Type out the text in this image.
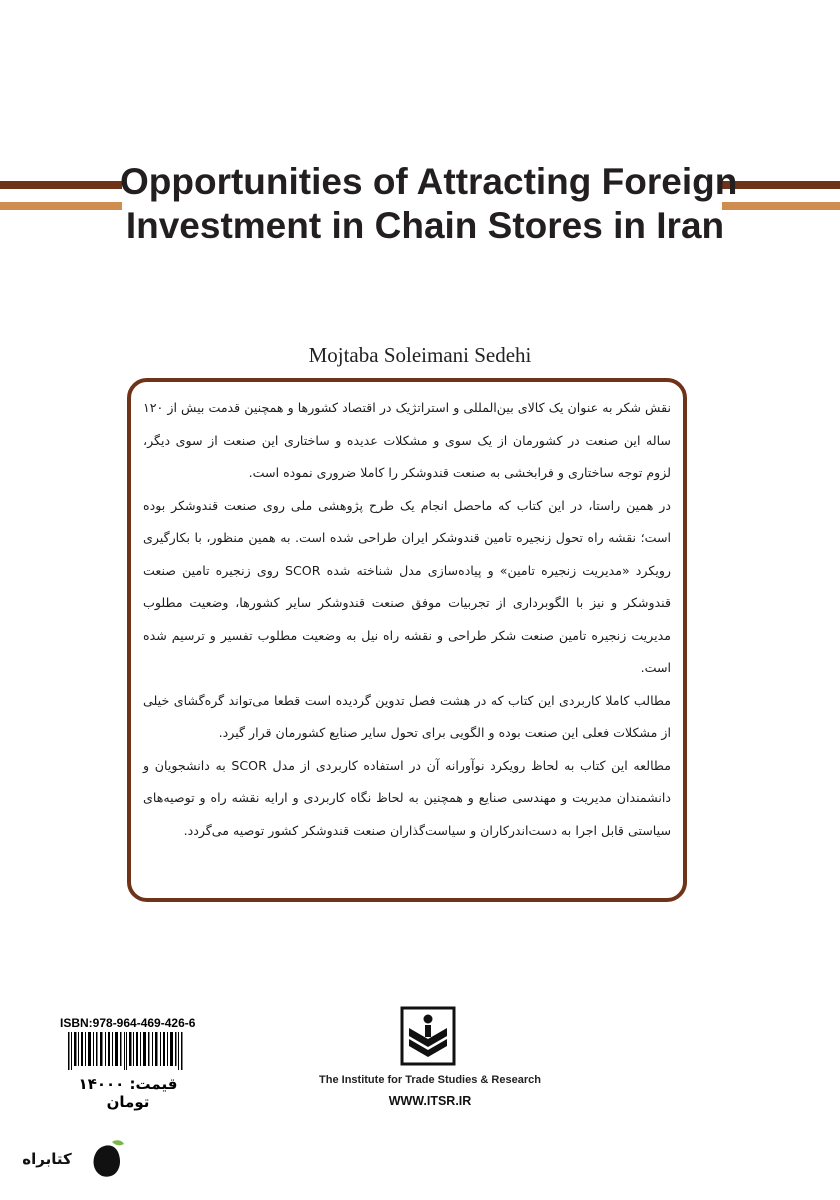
Opportunities of Attracting Foreign
Investment in Chain Stores in Iran

Mojtaba Soleimani Sedehi

نقش شکر به عنوان یک کالای بین‌المللی و استراتژیک در اقتصاد کشورها و همچنین قدمت بیش از ۱۲۰ ساله این صنعت در کشورمان از یک سوی و مشکلات عدیده و ساختاری این صنعت از سوی دیگر، لزوم توجه ساختاری و فرابخشی به صنعت قندوشکر را کاملا ضروری نموده است.

در همین راستا، در این کتاب که ماحصل انجام یک طرح پژوهشی ملی روی صنعت قندوشکر بوده است؛ نقشه راه تحول زنجیره تامین قندوشکر ایران طراحی شده است. به همین منظور، با بکارگیری رویکرد «مدیریت زنجیره تامین» و پیاده‌سازی مدل شناخته شده SCOR روی زنجیره تامین صنعت قندوشکر و نیز با الگوبرداری از تجربیات موفق صنعت قندوشکر سایر کشورها، وضعیت مطلوب مدیریت زنجیره تامین صنعت شکر طراحی و نقشه راه نیل به وضعیت مطلوب تفسیر و ترسیم شده است.

مطالب کاملا کاربردی این کتاب که در هشت فصل تدوین گردیده است قطعا می‌تواند گره‌گشای خیلی از مشکلات فعلی این صنعت بوده و الگویی برای تحول سایر صنایع کشورمان قرار گیرد.

مطالعه این کتاب به لحاظ رویکرد نوآورانه آن در استفاده کاربردی از مدل SCOR به دانشجویان و دانشمندان مدیریت و مهندسی صنایع و همچنین به لحاظ نگاه کاربردی و ارایه نقشه راه و توصیه‌های سیاستی قابل اجرا به دست‌اندرکاران و سیاست‌گذاران صنعت قندوشکر کشور توصیه می‌گردد.

ISBN:978-964-469-426-6

قیمت: ۱۴۰۰۰ تومان

The Institute for Trade Studies & Research

WWW.ITSR.IR

کتابراه
